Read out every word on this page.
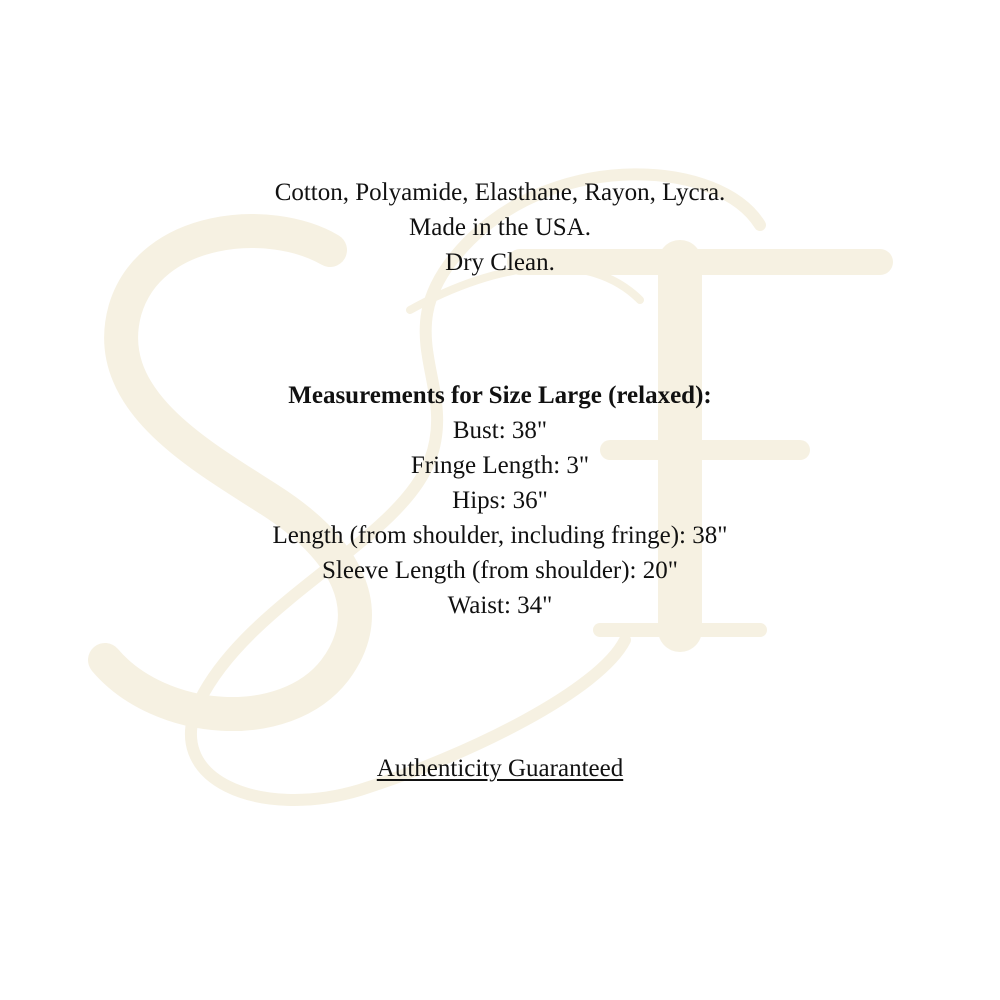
Cotton, Polyamide, Elasthane, Rayon, Lycra.
Made in the USA.
Dry Clean.
Measurements for Size Large (relaxed):
Bust: 38"
Fringe Length: 3"
Hips: 36"
Length (from shoulder, including fringe): 38"
Sleeve Length (from shoulder): 20"
Waist: 34"
Authenticity Guaranteed
